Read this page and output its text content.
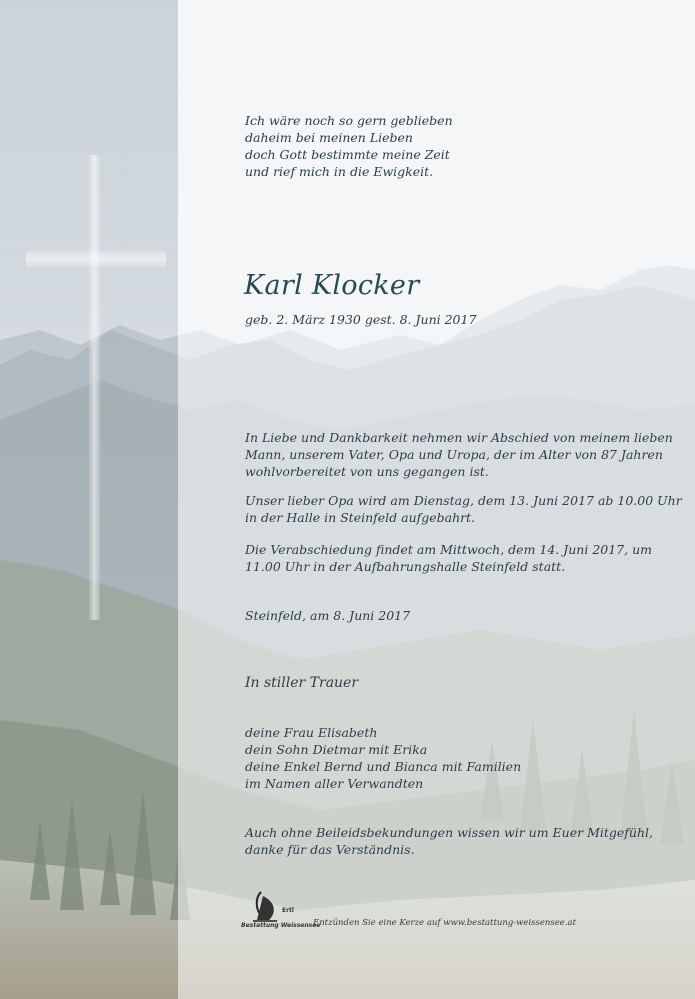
Ich wäre noch so gern geblieben
daheim bei meinen Lieben
doch Gott bestimmte meine Zeit
und rief mich in die Ewigkeit.

Karl Klocker

geb. 2. März 1930 gest. 8. Juni 2017

In Liebe und Dankbarkeit nehmen wir Abschied von meinem lieben
Mann, unserem Vater, Opa und Uropa, der im Alter von 87 Jahren
wohlvorbereitet von uns gegangen ist.

Unser lieber Opa wird am Dienstag, dem 13. Juni 2017 ab 10.00 Uhr
in der Halle in Steinfeld aufgebahrt.

Die Verabschiedung findet am Mittwoch, dem 14. Juni 2017, um
11.00 Uhr in der Aufbahrungshalle Steinfeld statt.

Steinfeld, am 8. Juni 2017

In stiller Trauer

deine Frau Elisabeth
dein Sohn Dietmar mit Erika
deine Enkel Bernd und Bianca mit Familien
im Namen aller Verwandten

Auch ohne Beileidsbekundungen wissen wir um Euer Mitgefühl,
danke für das Verständnis.

Ertl
Bestattung Weissensee
Entzünden Sie eine Kerze auf www.bestattung-weissensee.at
